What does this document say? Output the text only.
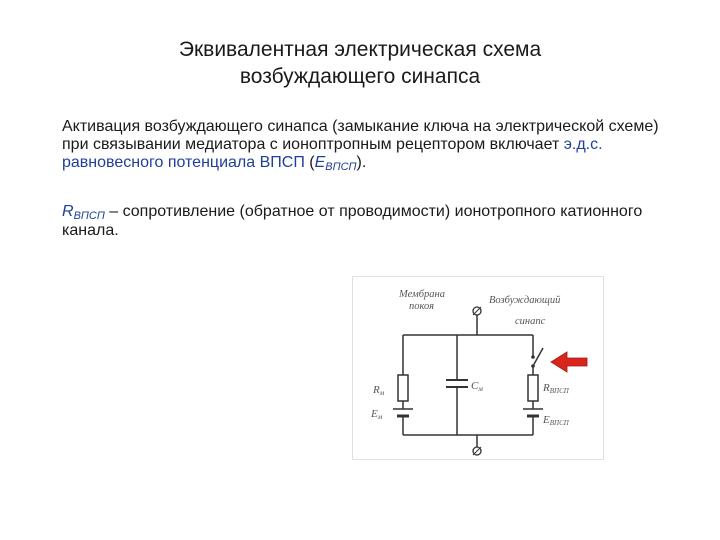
Эквивалентная электрическая схема
возбуждающего синапса
Активация возбуждающего синапса (замыкание ключа на электрической схеме) при связывании медиатора с ионоптропным рецептором включает э.д.с. равновесного потенциала ВПСП (EВПСП).
RВПСП – сопротивление (обратное от проводимости) ионотропного катионного канала.
Мембрана
покоя
Возбуждающий
синапс
Rм
Eм
Cм	RВПСП
EВПСП
